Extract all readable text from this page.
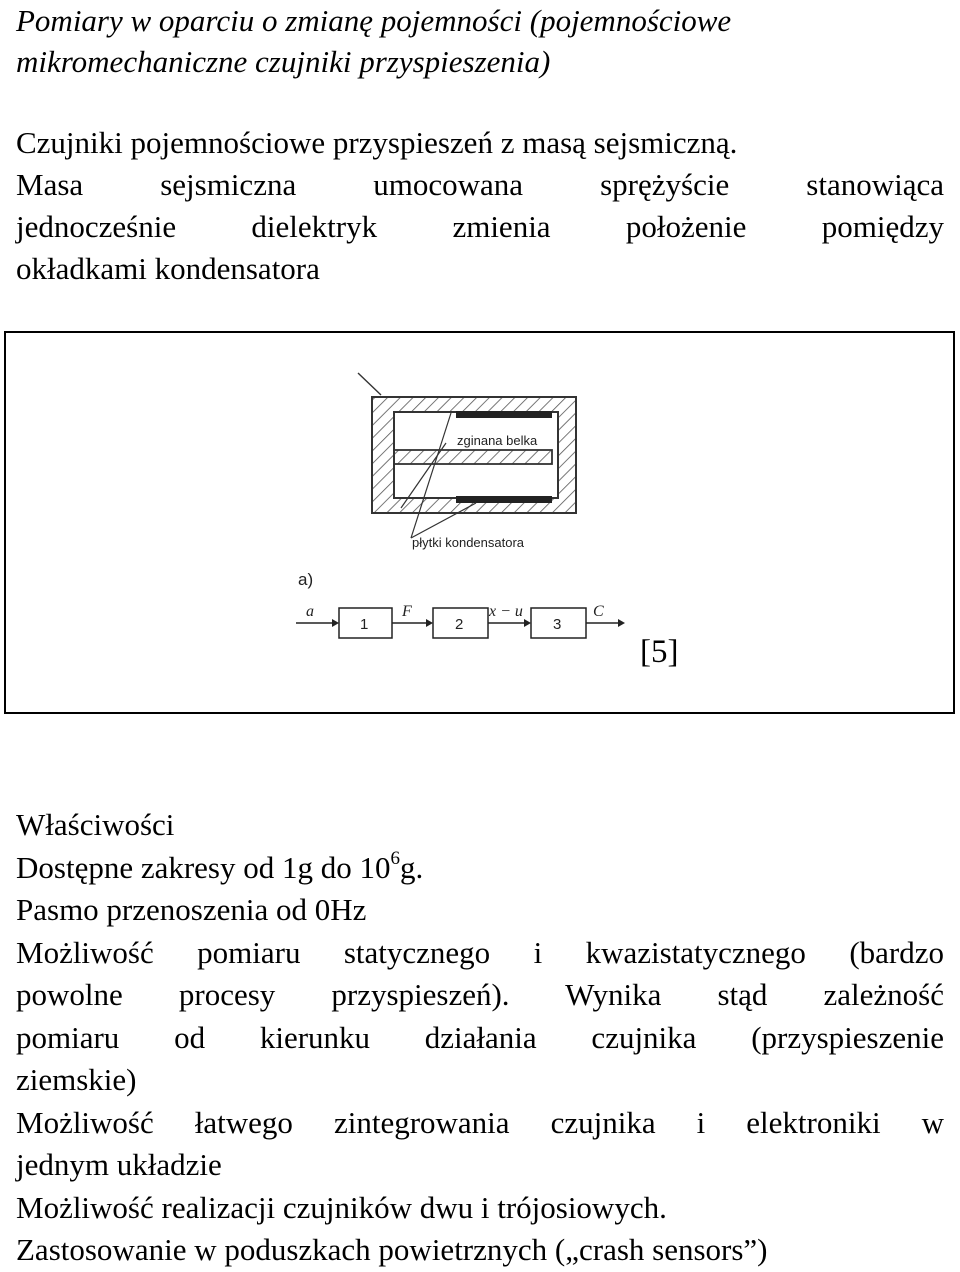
Pomiary w oparciu o zmianę pojemności (pojemnościowe
mikromechaniczne czujniki przyspieszenia)
Czujniki pojemnościowe przyspieszeń z masą sejsmiczną.
Masa sejsmiczna umocowana sprężyście stanowiąca
jednocześnie dielektryk zmienia położenie pomiędzy
okładkami kondensatora
zginana belka
płytki kondensatora
a)
a
1
F
2
x − u
3
C
[5]
Właściwości
Dostępne zakresy od 1g do $10^6g$.
Pasmo przenoszenia od 0Hz
Możliwość pomiaru statycznego i kwazistatycznego (bardzo
powolne procesy przyspieszeń). Wynika stąd zależność
pomiaru od kierunku działania czujnika (przyspieszenie
ziemskie)
Możliwość łatwego zintegrowania czujnika i elektroniki w
jednym układzie
Możliwość realizacji czujników dwu i trójosiowych.
Zastosowanie w poduszkach powietrznych („crash sensors”)
